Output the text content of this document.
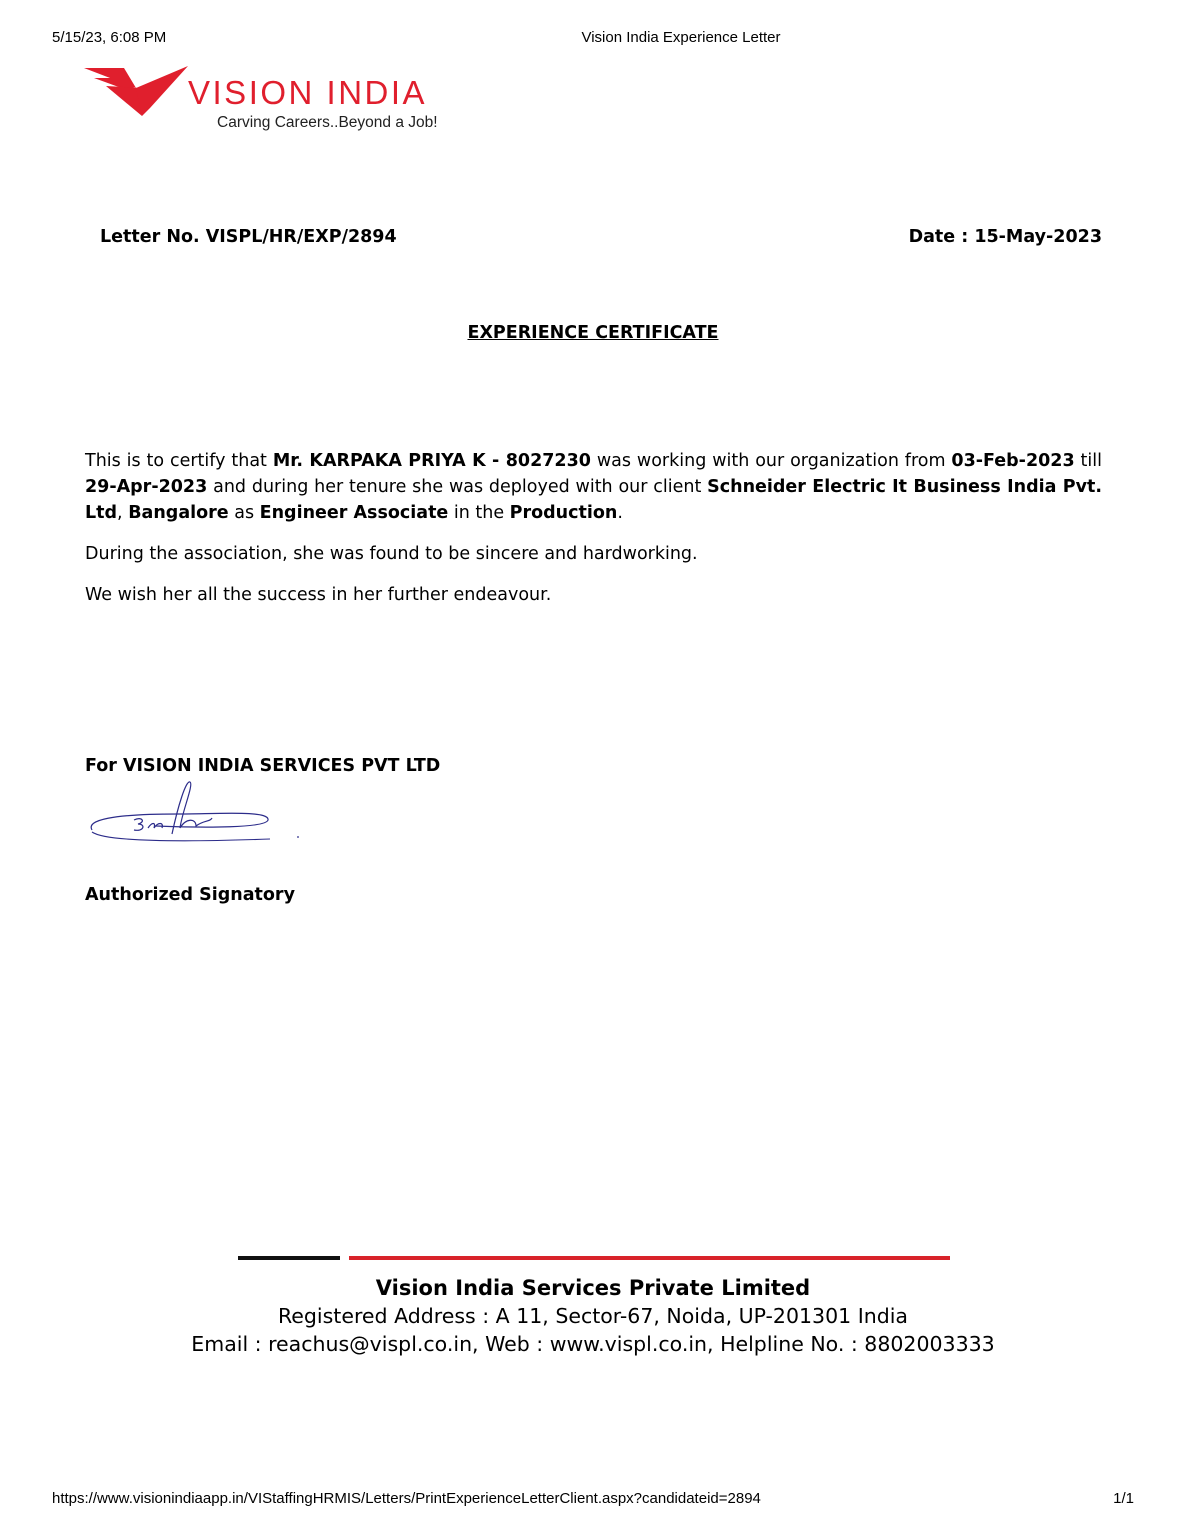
5/15/23, 6:08 PM	Vision India Experience Letter
VISION INDIA
Carving Careers..Beyond a Job!
Letter No. VISPL/HR/EXP/2894	Date : 15-May-2023
EXPERIENCE CERTIFICATE
This is to certify that Mr. KARPAKA PRIYA K - 8027230 was working with our organization from 03-Feb-2023 till 29-Apr-2023 and during her tenure she was deployed with our client Schneider Electric It Business India Pvt. Ltd, Bangalore as Engineer Associate in the Production.
During the association, she was found to be sincere and hardworking.
We wish her all the success in her further endeavour.
For VISION INDIA SERVICES PVT LTD
Authorized Signatory
Vision India Services Private Limited
Registered Address : A 11, Sector-67, Noida, UP-201301 India
Email : reachus@vispl.co.in, Web : www.vispl.co.in, Helpline No. : 8802003333
https://www.visionindiaapp.in/VIStaffingHRMIS/Letters/PrintExperienceLetterClient.aspx?candidateid=2894	1/1
